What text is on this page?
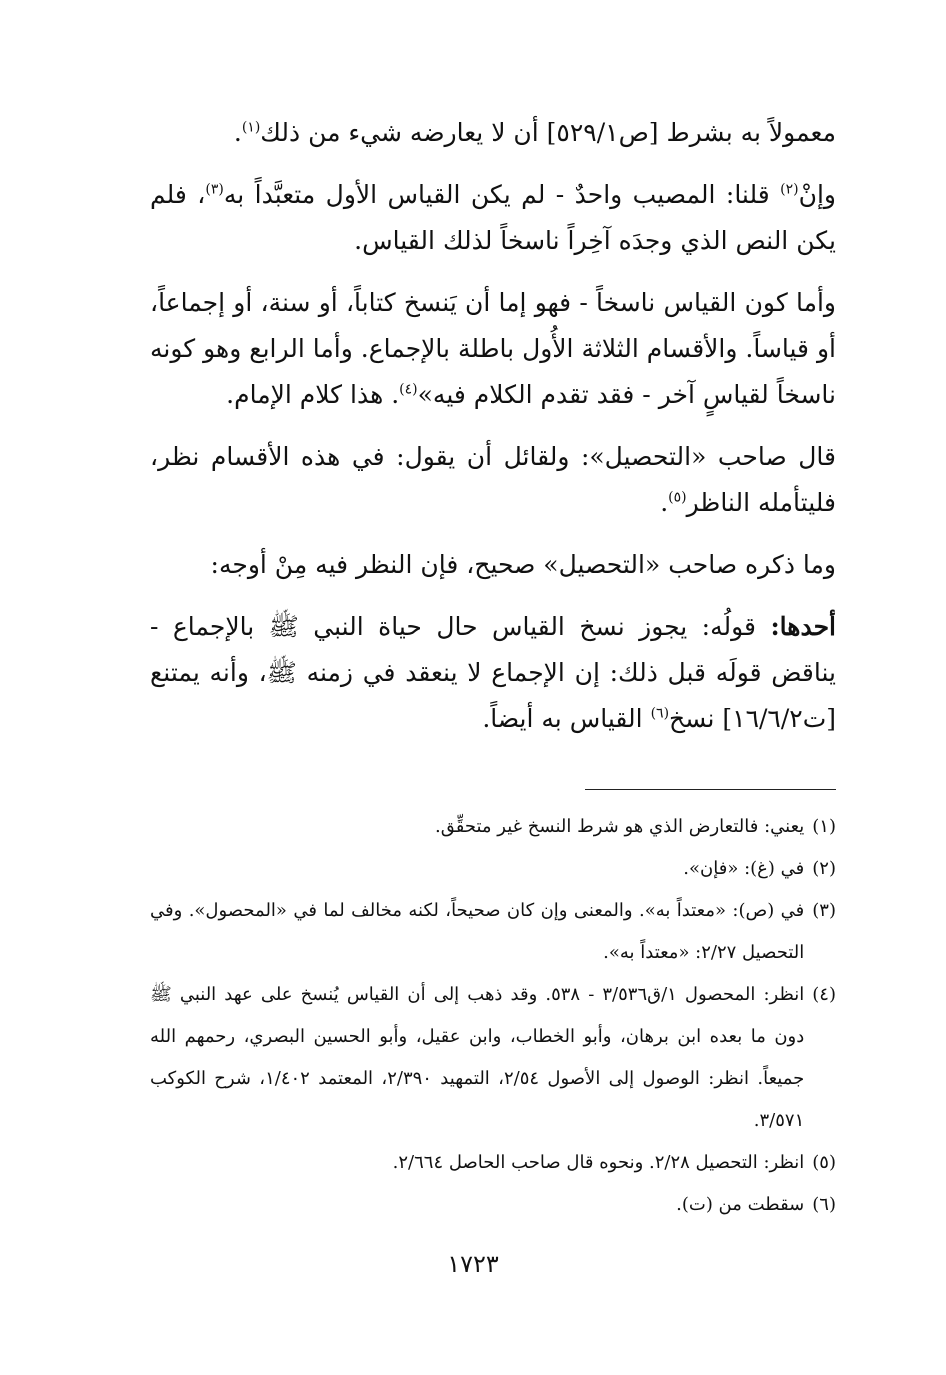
معمولاً به بشرط [ص٥٢٩/١] أن لا يعارضه شيء من ذلك$^{(١)}$.

وإنْ$^{(٢)}$ قلنا: المصيب واحدٌ - لم يكن القياس الأول متعبَّداً به$^{(٣)}$، فلم يكن النص الذي وجدَه آخِراً ناسخاً لذلك القياس.

وأما كون القياس ناسخاً - فهو إما أن يَنسخ كتاباً، أو سنة، أو إجماعاً، أو قياساً. والأقسام الثلاثة الأُول باطلة بالإجماع. وأما الرابع وهو كونه ناسخاً لقياسٍ آخر - فقد تقدم الكلام فيه»$^{(٤)}$. هذا كلام الإمام.

قال صاحب «التحصيل»: ولقائل أن يقول: في هذه الأقسام نظر، فليتأمله الناظر$^{(٥)}$.

وما ذكره صاحب «التحصيل» صحيح، فإن النظر فيه مِنْ أوجه:

أحدها: قولُه: يجوز نسخ القياس حال حياة النبي ﷺ بالإجماع - يناقض قولَه قبل ذلك: إن الإجماع لا ينعقد في زمنه ﷺ، وأنه يمتنع [ت١٦/٦/٢] نسخ$^{(٦)}$ القياس به أيضاً.

(١)
يعني: فالتعارض الذي هو شرط النسخ غير متحقِّق.
(٢)
في (غ): «فإن».
(٣)
في (ص): «معتداً به». والمعنى وإن كان صحيحاً، لكنه مخالف لما في «المحصول». وفي التحصيل ٢/٢٧: «معتداً به».
(٤)
انظر: المحصول ١/ق٣/٥٣٦ - ٥٣٨. وقد ذهب إلى أن القياس يُنسخ على عهد النبي ﷺ دون ما بعده ابن برهان، وأبو الخطاب، وابن عقيل، وأبو الحسين البصري، رحمهم الله جميعاً. انظر: الوصول إلى الأصول ٢/٥٤، التمهيد ٢/٣٩٠، المعتمد ١/٤٠٢، شرح الكوكب ٣/٥٧١.
(٥)
انظر: التحصيل ٢/٢٨. ونحوه قال صاحب الحاصل ٢/٦٦٤.
(٦)
سقطت من (ت).
١٧٢٣
